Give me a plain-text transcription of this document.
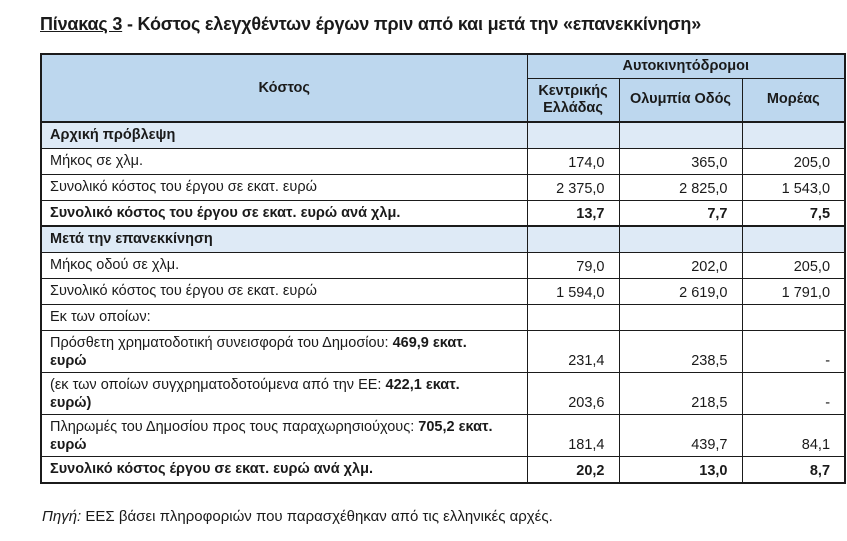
Πίνακας 3 - Κόστος ελεγχθέντων έργων πριν από και μετά την «επανεκκίνηση»
Κόστος	Αυτοκινητόδρομοι		
	Κεντρικής Ελλάδας	Ολυμπία Οδός	Μορέας
Αρχική πρόβλεψη			
Μήκος σε χλμ.	174,0	365,0	205,0
Συνολικό κόστος του έργου σε εκατ. ευρώ	2 375,0	2 825,0	1 543,0
Συνολικό κόστος του έργου σε εκατ. ευρώ ανά χλμ.	13,7	7,7	7,5
Μετά την επανεκκίνηση			
Μήκος οδού σε χλμ.	79,0	202,0	205,0
Συνολικό κόστος του έργου σε εκατ. ευρώ	1 594,0	2 619,0	1 791,0
Εκ των οποίων:			
Πρόσθετη χρηματοδοτική συνεισφορά του Δημοσίου: 469,9 εκατ.
ευρώ	231,4	238,5	-
(εκ των οποίων συγχρηματοδοτούμενα από την ΕΕ: 422,1 εκατ.
ευρώ)	203,6	218,5	-
Πληρωμές του Δημοσίου προς τους παραχωρησιούχους: 705,2 εκατ.
ευρώ	181,4	439,7	84,1
Συνολικό κόστος έργου σε εκατ. ευρώ ανά χλμ.	20,2	13,0	8,7
Πηγή: ΕΕΣ βάσει πληροφοριών που παρασχέθηκαν από τις ελληνικές αρχές.
